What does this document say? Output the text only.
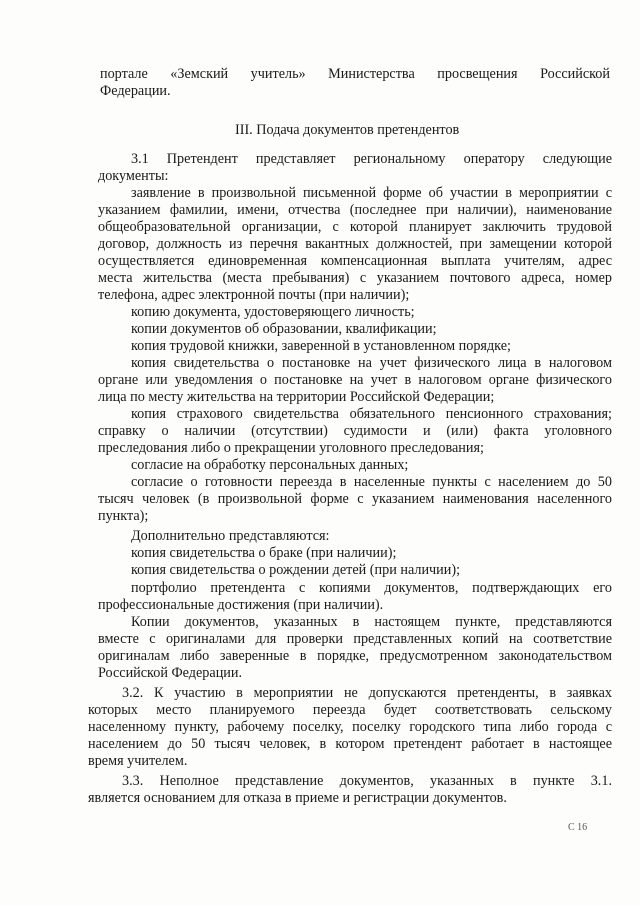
портале «Земский учитель» Министерства просвещения Российской
Федерации.
III. Подача документов претендентов
3.1 Претендент представляет региональному оператору следующие
документы:
заявление в произвольной письменной форме об участии в мероприятии с
указанием фамилии, имени, отчества (последнее при наличии), наименование
общеобразовательной организации, с которой планирует заключить трудовой
договор, должность из перечня вакантных должностей, при замещении которой
осуществляется единовременная компенсационная выплата учителям, адрес
места жительства (места пребывания) с указанием почтового адреса, номер
телефона, адрес электронной почты (при наличии);
копию документа, удостоверяющего личность;
копии документов об образовании, квалификации;
копия трудовой книжки, заверенной в установленном порядке;
копия свидетельства о постановке на учет физического лица в налоговом
органе или уведомления о постановке на учет в налоговом органе физического
лица по месту жительства на территории Российской Федерации;
копия страхового свидетельства обязательного пенсионного страхования;
справку о наличии (отсутствии) судимости и (или) факта уголовного
преследования либо о прекращении уголовного преследования;
согласие на обработку персональных данных;
согласие о готовности переезда в населенные пункты с населением до 50
тысяч человек (в произвольной форме с указанием наименования населенного
пункта);
Дополнительно представляются:
копия свидетельства о браке (при наличии);
копия свидетельства о рождении детей (при наличии);
портфолио претендента с копиями документов, подтверждающих его
профессиональные достижения (при наличии).
Копии документов, указанных в настоящем пункте, представляются
вместе с оригиналами для проверки представленных копий на соответствие
оригиналам либо заверенные в порядке, предусмотренном законодательством
Российской Федерации.
3.2. К участию в мероприятии не допускаются претенденты, в заявках
которых место планируемого переезда будет соответствовать сельскому
населенному пункту, рабочему поселку, поселку городского типа либо города с
населением до 50 тысяч человек, в котором претендент работает в настоящее
время учителем.
3.3. Неполное представление документов, указанных в пункте 3.1.
является основанием для отказа в приеме и регистрации документов.
С 16
